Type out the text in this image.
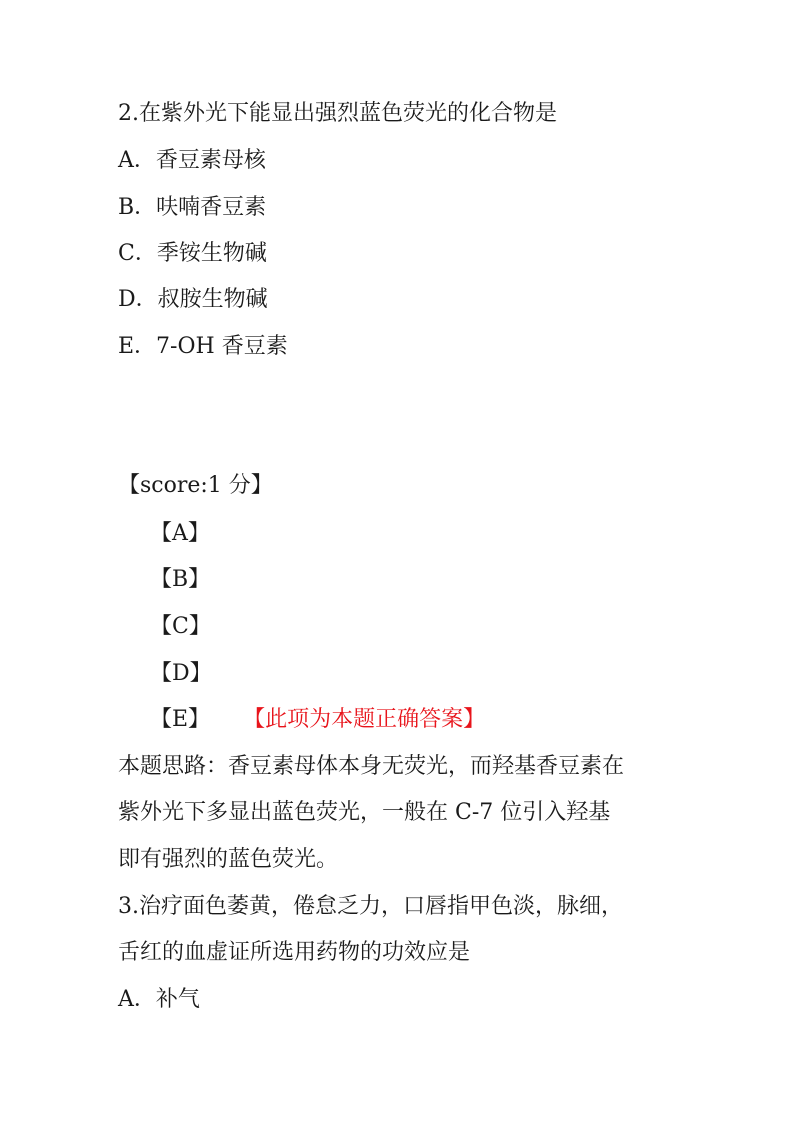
2.在紫外光下能显出强烈蓝色荧光的化合物是
A．香豆素母核
B．呋喃香豆素
C．季铵生物碱
D．叔胺生物碱
E．7-OH 香豆素
【score:1 分】
【A】
【B】
【C】
【D】
【E】 【此项为本题正确答案】
本题思路：香豆素母体本身无荧光，而羟基香豆素在
紫外光下多显出蓝色荧光，一般在 C-7 位引入羟基
即有强烈的蓝色荧光。
3.治疗面色萎黄，倦怠乏力，口唇指甲色淡，脉细，
舌红的血虚证所选用药物的功效应是
A．补气
